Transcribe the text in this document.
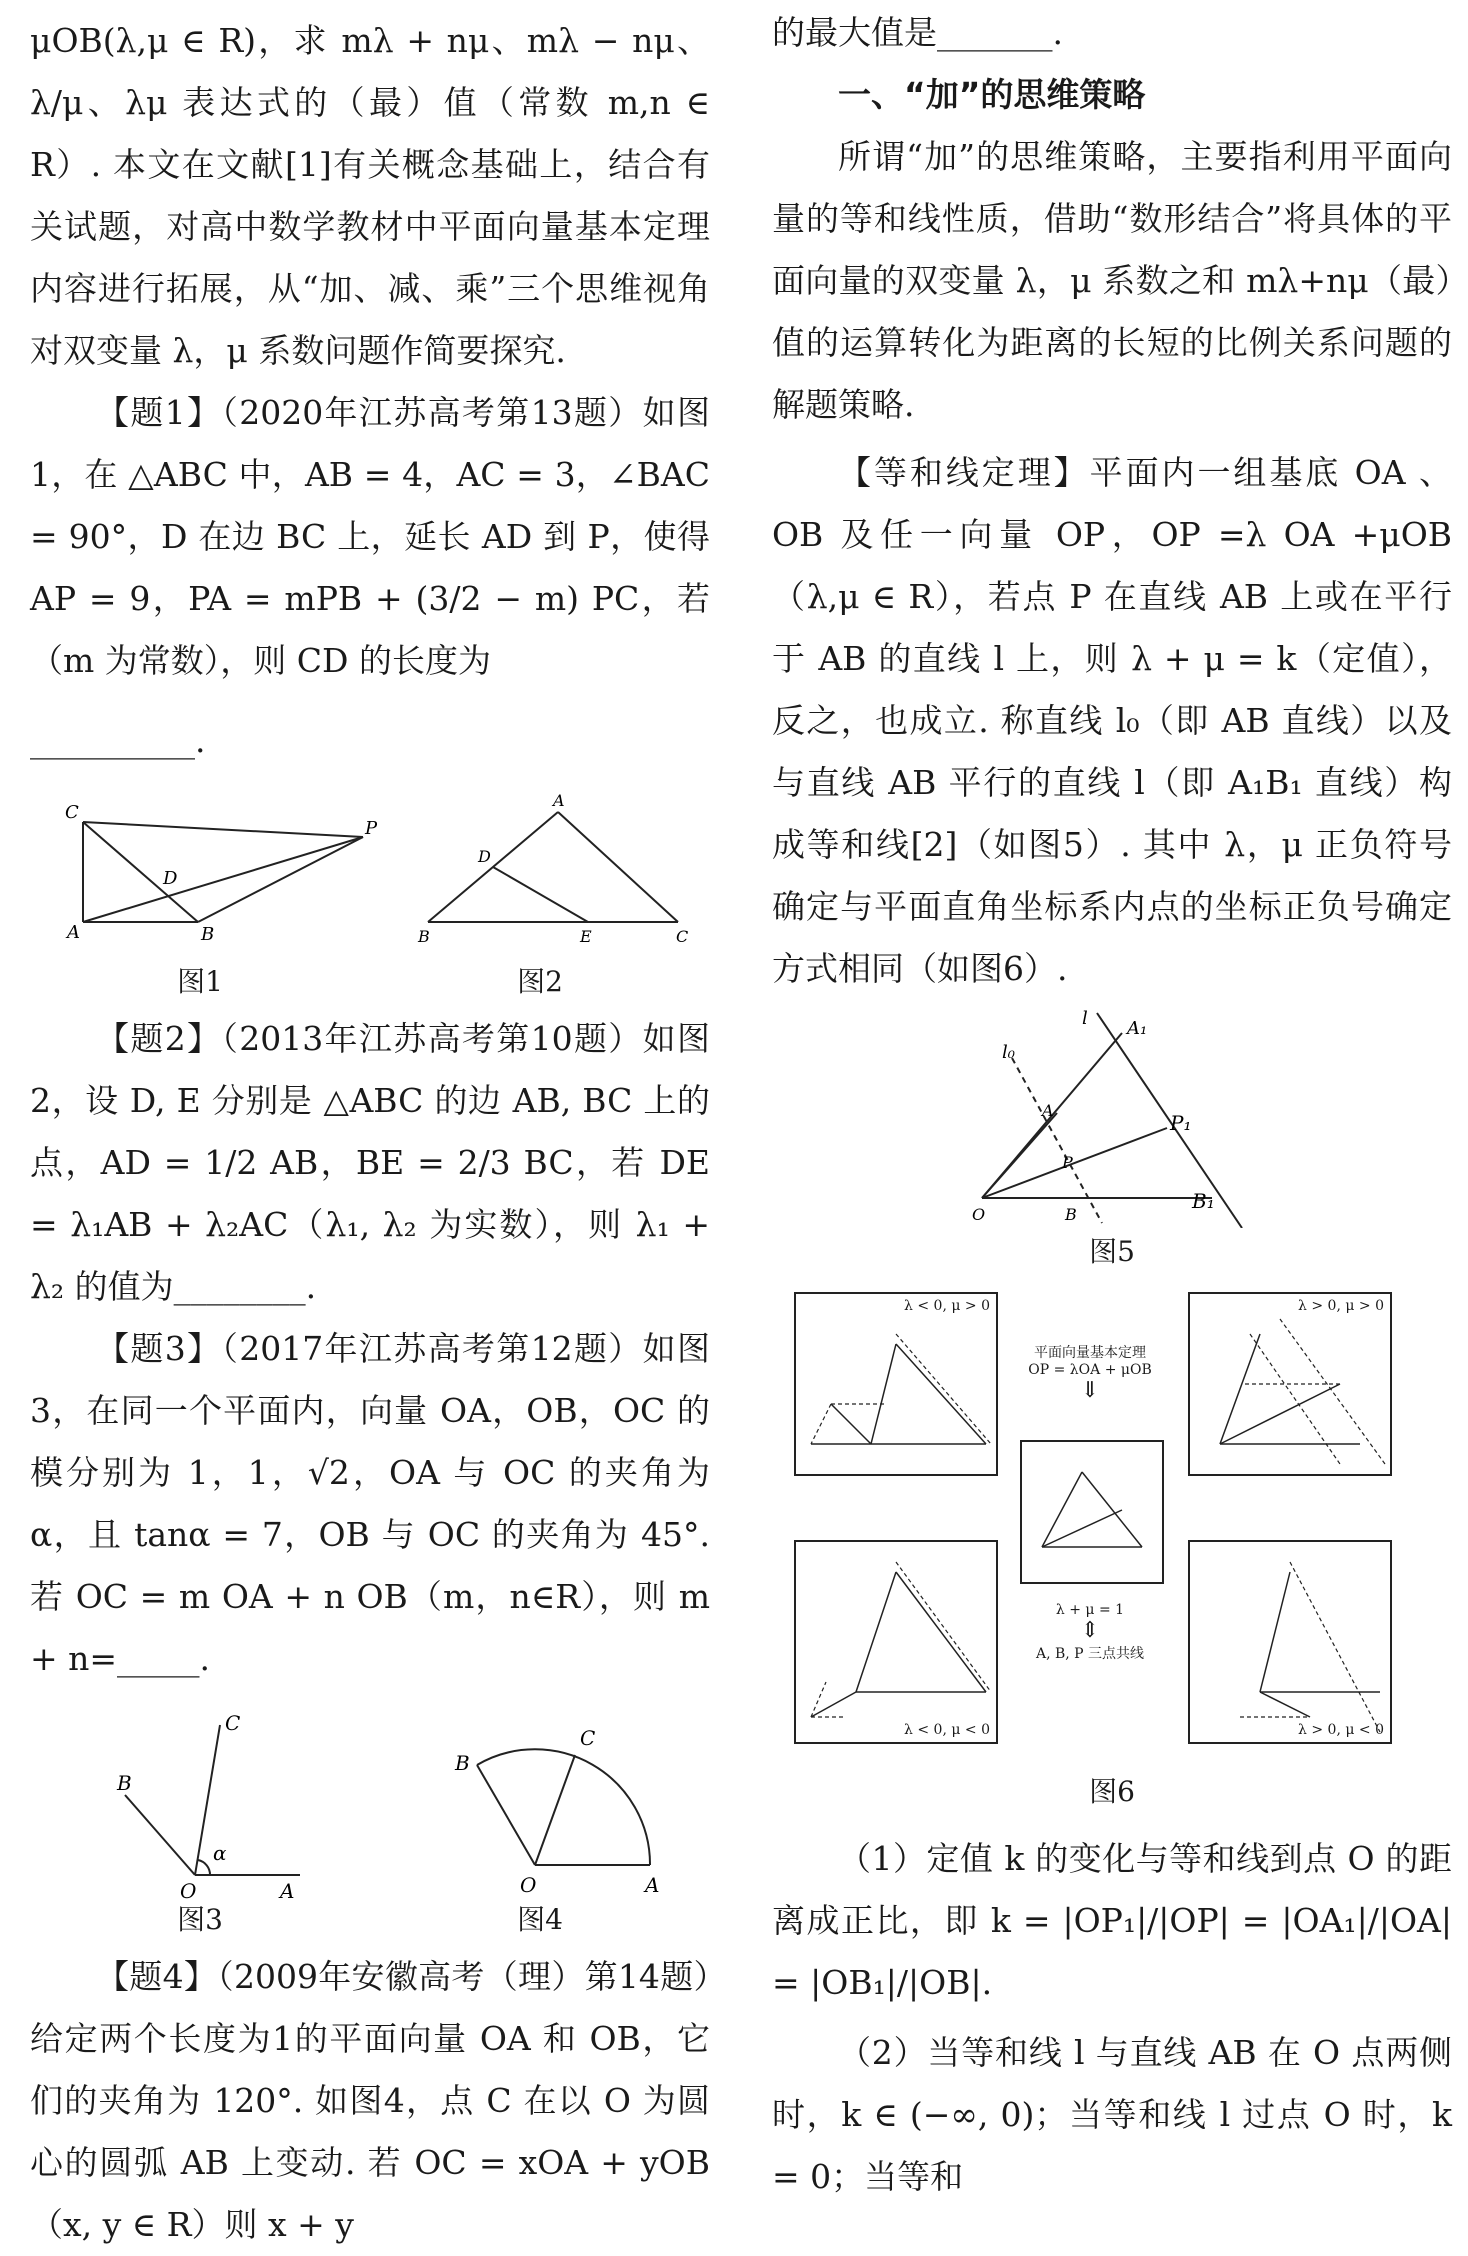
μOB(λ,μ ∈ R)，求 mλ + nμ、mλ − nμ、λ/μ、λμ 表达式的（最）值（常数 m,n ∈ R）. 本文在文献[1]有关概念基础上，结合有关试题，对高中数学教材中平面向量基本定理内容进行拓展，从“加、减、乘”三个思维视角对双变量 λ，μ 系数问题作简要探究.

【题1】（2020年江苏高考第13题）如图1，在 △ABC 中，AB = 4，AC = 3，∠BAC = 90°，D 在边 BC 上，延长 AD 到 P，使得 AP = 9，PA = mPB + (3/2 − m) PC，若（m 为常数），则 CD 的长度为

__________.

C
A	B
D
P
A
D
B	E	C
图1	图2

【题2】（2013年江苏高考第10题）如图2，设 D, E 分别是 △ABC 的边 AB, BC 上的点，AD = 1/2 AB，BE = 2/3 BC，若 DE = λ₁AB + λ₂AC（λ₁, λ₂ 为实数），则 λ₁ + λ₂ 的值为________.

【题3】（2017年江苏高考第12题）如图3，在同一个平面内，向量 OA，OB，OC 的模分别为 1，1，√2，OA 与 OC 的夹角为 α，且 tanα = 7，OB 与 OC 的夹角为 45°. 若 OC = m OA + n OB（m，n∈R），则 m + n=_____.

C
B
α
O	A
B
C
O	A
图3	图4

【题4】（2009年安徽高考（理）第14题）给定两个长度为1的平面向量 OA 和 OB，它们的夹角为 120°. 如图4，点 C 在以 O 为圆心的圆弧 AB 上变动. 若 OC = xOA + yOB（x, y ∈ R）则 x + y

的最大值是_______.

一、“加”的思维策略

所谓“加”的思维策略，主要指利用平面向量的等和线性质，借助“数形结合”将具体的平面向量的双变量 λ，μ 系数之和 mλ+nμ（最）值的运算转化为距离的长短的比例关系问题的解题策略.

【等和线定理】平面内一组基底 OA 、OB 及任一向量 OP，OP =λ OA +μOB（λ,μ ∈ R），若点 P 在直线 AB 上或在平行于 AB 的直线 l 上，则 λ + μ = k（定值），反之，也成立. 称直线 l₀（即 AB 直线）以及与直线 AB 平行的直线 l（即 A₁B₁ 直线）构成等和线[2]（如图5）. 其中 λ，μ 正负符号确定与平面直角坐标系内点的坐标正负号确定方式相同（如图6）.

l A₁
l₀
A
P
P₁
O	B
B₁
图5
λ < 0, μ > 0
平面向量基本定理
OP = λOA + μOB
⇓
λ + μ = 1
⇕
A, B, P 三点共线
λ > 0, μ > 0
λ < 0, μ < 0	λ > 0, μ < 0
图6

（1）定值 k 的变化与等和线到点 O 的距离成正比，即 k = |OP₁|/|OP| = |OA₁|/|OA| = |OB₁|/|OB|.

（2）当等和线 l 与直线 AB 在 O 点两侧时，k ∈ (−∞, 0)；当等和线 l 过点 O 时，k = 0；当等和
